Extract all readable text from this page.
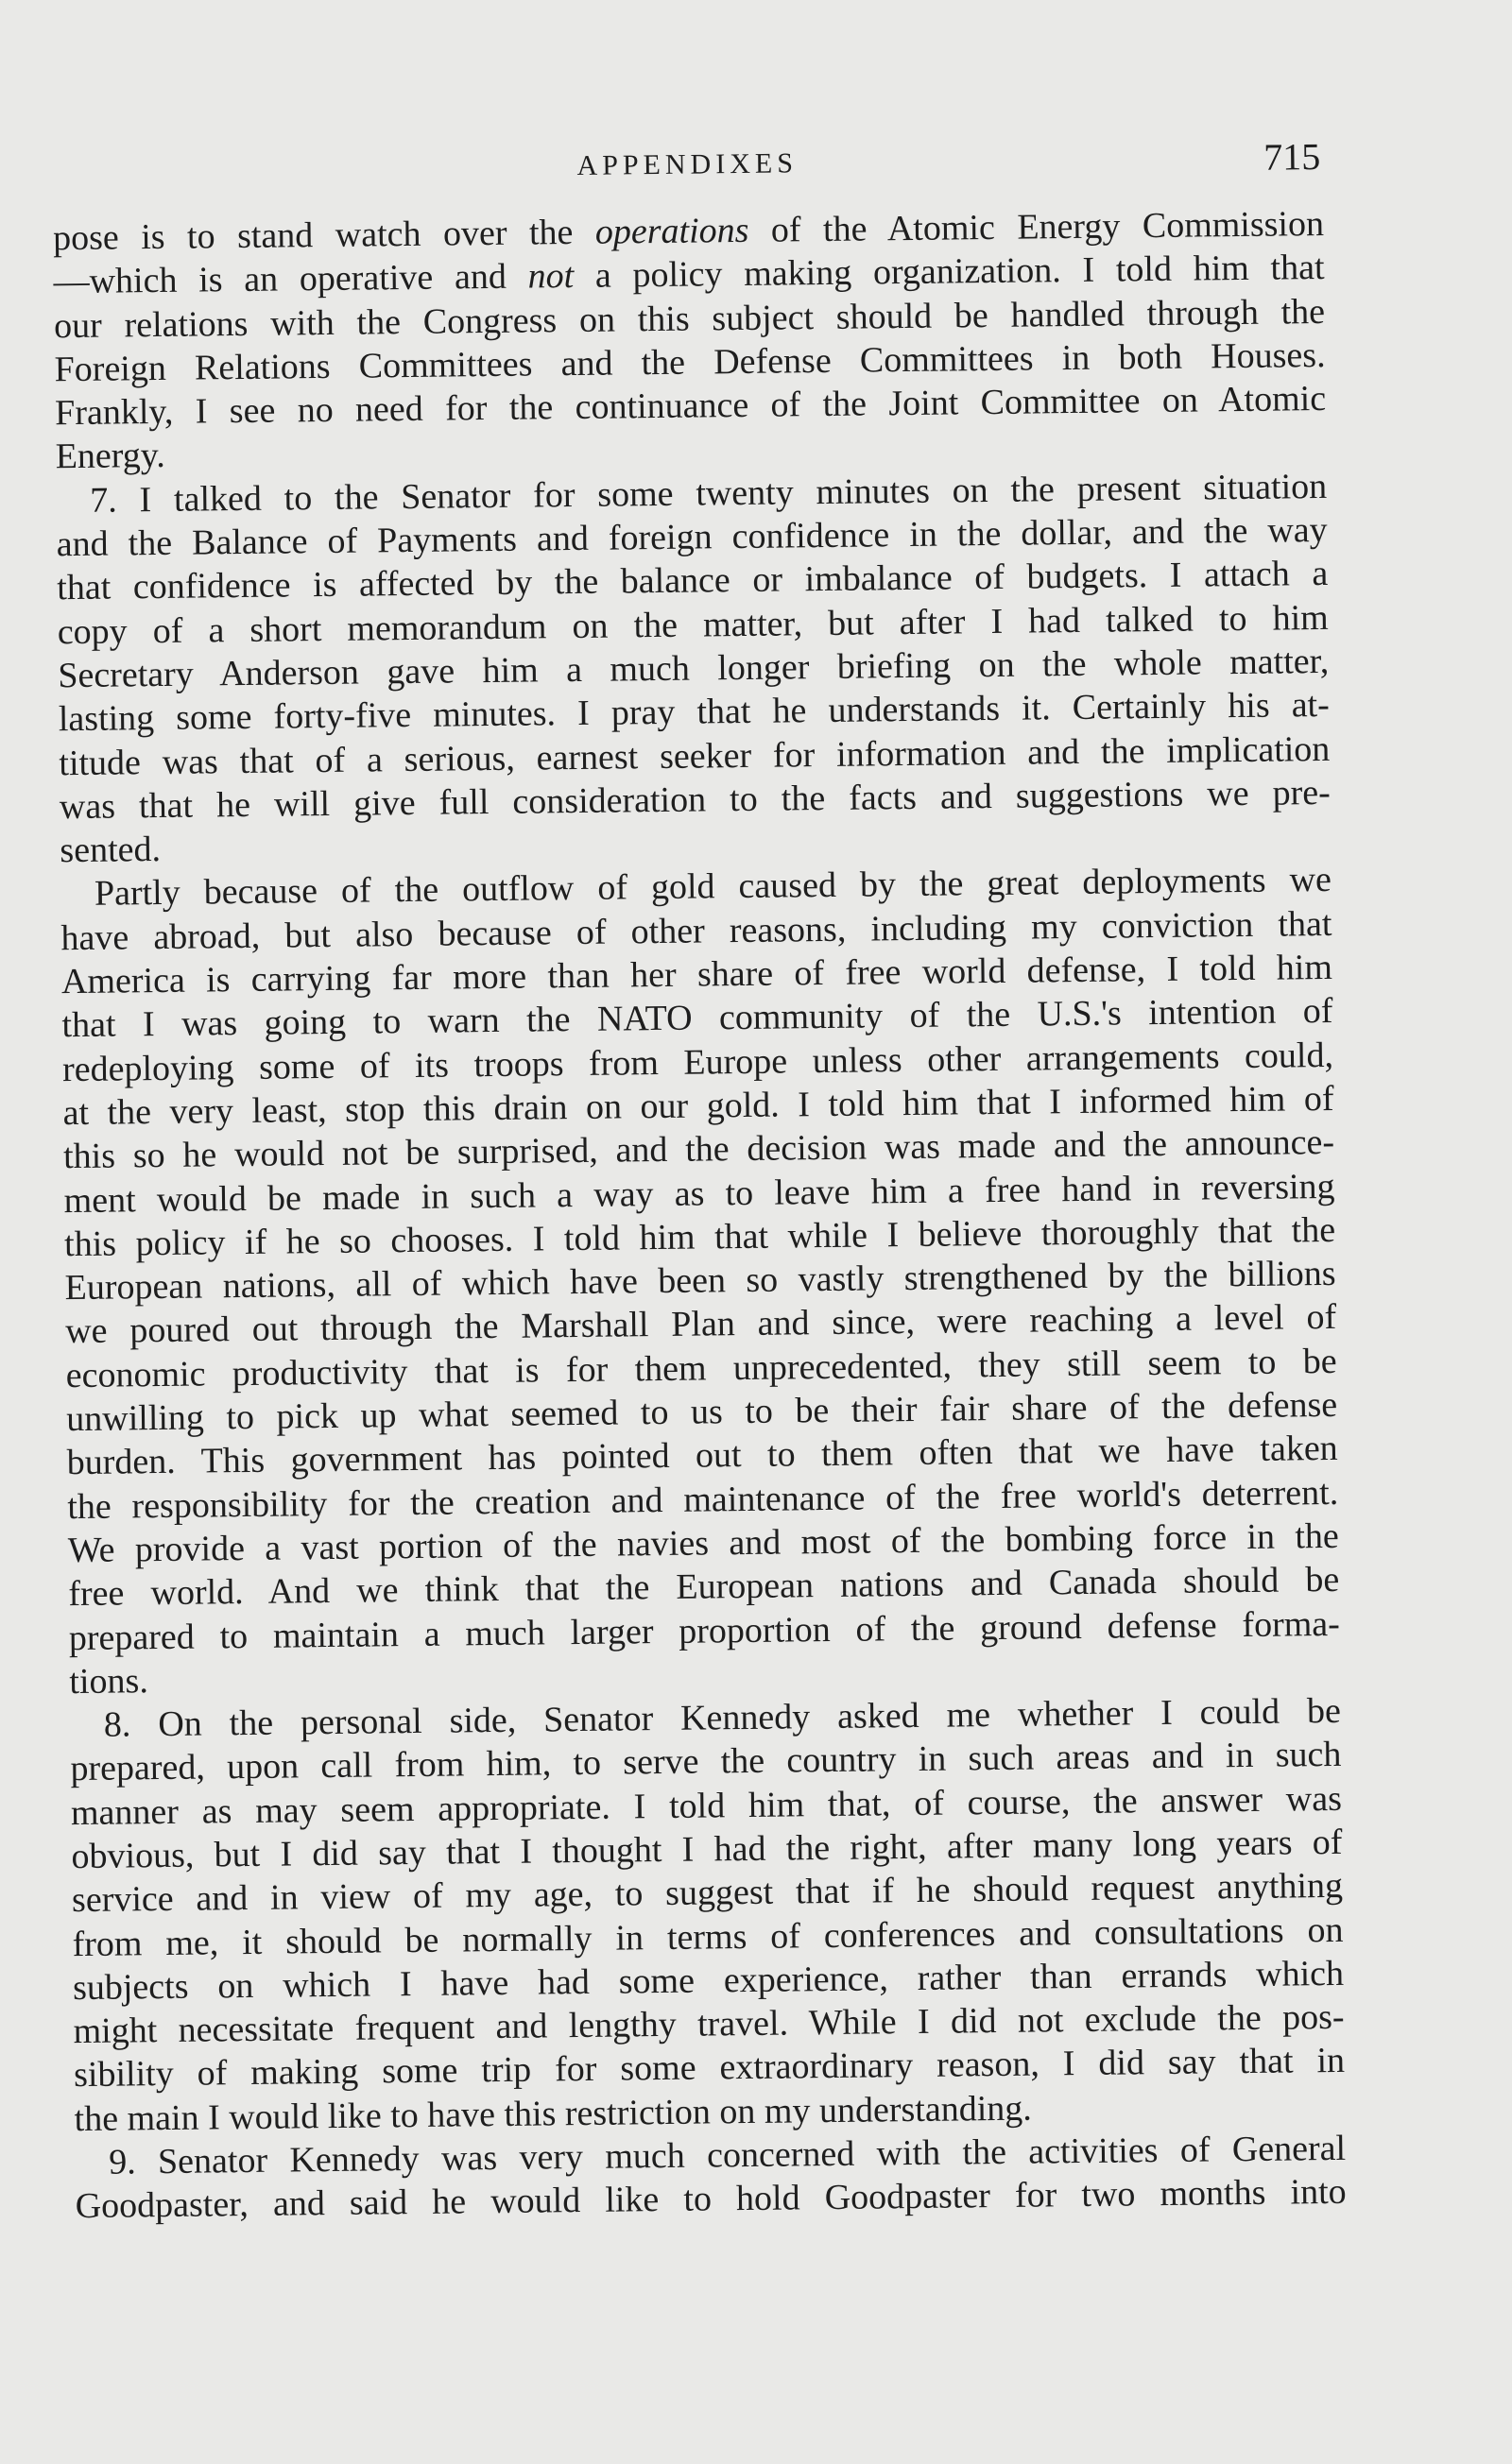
APPENDIXES	715
pose is to stand watch over the operations of the Atomic Energy Commission
—which is an operative and not a policy making organization. I told him that
our relations with the Congress on this subject should be handled through the
Foreign Relations Committees and the Defense Committees in both Houses.
Frankly, I see no need for the continuance of the Joint Committee on Atomic
Energy.
7. I talked to the Senator for some twenty minutes on the present situation
and the Balance of Payments and foreign confidence in the dollar, and the way
that confidence is affected by the balance or imbalance of budgets. I attach a
copy of a short memorandum on the matter, but after I had talked to him
Secretary Anderson gave him a much longer briefing on the whole matter,
lasting some forty-five minutes. I pray that he understands it. Certainly his at-
titude was that of a serious, earnest seeker for information and the implication
was that he will give full consideration to the facts and suggestions we pre-
sented.
Partly because of the outflow of gold caused by the great deployments we
have abroad, but also because of other reasons, including my conviction that
America is carrying far more than her share of free world defense, I told him
that I was going to warn the NATO community of the U.S.'s intention of
redeploying some of its troops from Europe unless other arrangements could,
at the very least, stop this drain on our gold. I told him that I informed him of
this so he would not be surprised, and the decision was made and the announce-
ment would be made in such a way as to leave him a free hand in reversing
this policy if he so chooses. I told him that while I believe thoroughly that the
European nations, all of which have been so vastly strengthened by the billions
we poured out through the Marshall Plan and since, were reaching a level of
economic productivity that is for them unprecedented, they still seem to be
unwilling to pick up what seemed to us to be their fair share of the defense
burden. This government has pointed out to them often that we have taken
the responsibility for the creation and maintenance of the free world's deterrent.
We provide a vast portion of the navies and most of the bombing force in the
free world. And we think that the European nations and Canada should be
prepared to maintain a much larger proportion of the ground defense forma-
tions.
8. On the personal side, Senator Kennedy asked me whether I could be
prepared, upon call from him, to serve the country in such areas and in such
manner as may seem appropriate. I told him that, of course, the answer was
obvious, but I did say that I thought I had the right, after many long years of
service and in view of my age, to suggest that if he should request anything
from me, it should be normally in terms of conferences and consultations on
subjects on which I have had some experience, rather than errands which
might necessitate frequent and lengthy travel. While I did not exclude the pos-
sibility of making some trip for some extraordinary reason, I did say that in
the main I would like to have this restriction on my understanding.
9. Senator Kennedy was very much concerned with the activities of General
Goodpaster, and said he would like to hold Goodpaster for two months into
